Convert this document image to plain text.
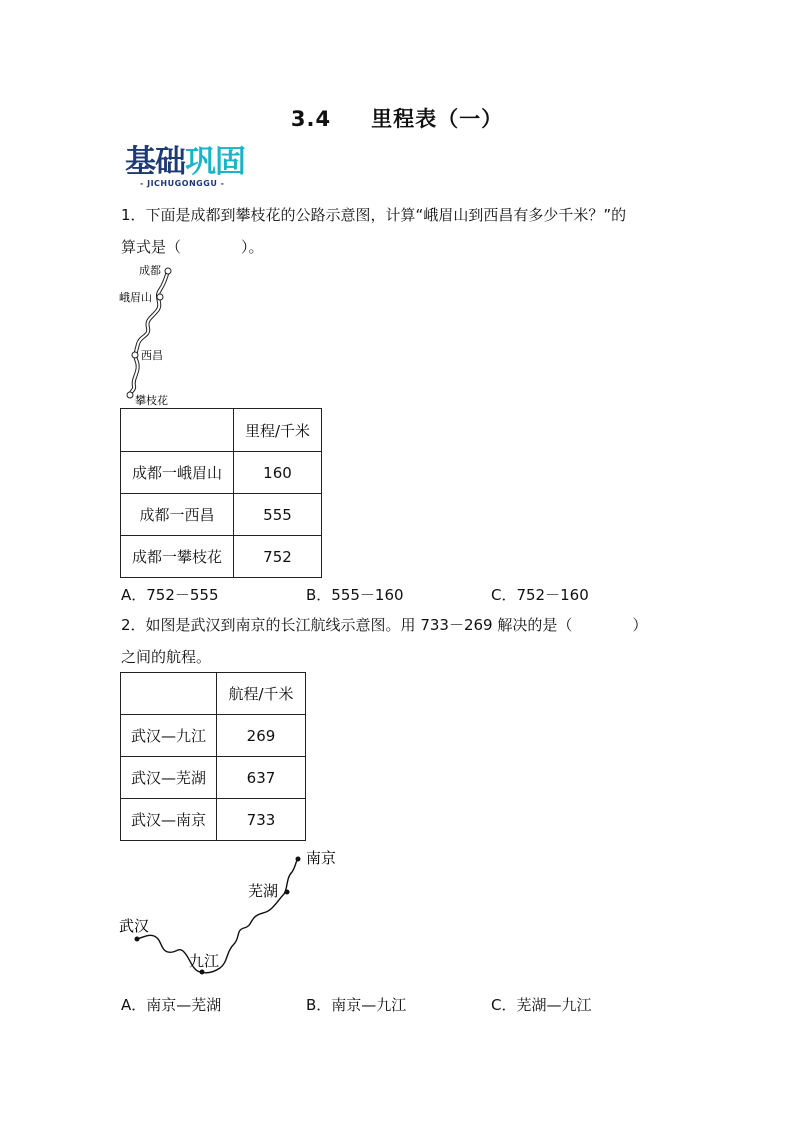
3.4 里程表（一）
基础巩固
- JICHUGONGGU -
1．下面是成都到攀枝花的公路示意图，计算“峨眉山到西昌有多少千米？”的
算式是（　　　　）。
成都
峨眉山
西昌
攀枝花
	里程/千米
成都一峨眉山	160
成都一西昌	555
成都一攀枝花	752
A．752－555	B．555－160	C．752－160
2．如图是武汉到南京的长江航线示意图。用 733－269 解决的是（　　　　）
之间的航程。
	航程/千米
武汉—九江	269
武汉—芜湖	637
武汉—南京	733
南京
芜湖
武汉
九江
A．南京—芜湖	B．南京—九江	C．芜湖—九江
